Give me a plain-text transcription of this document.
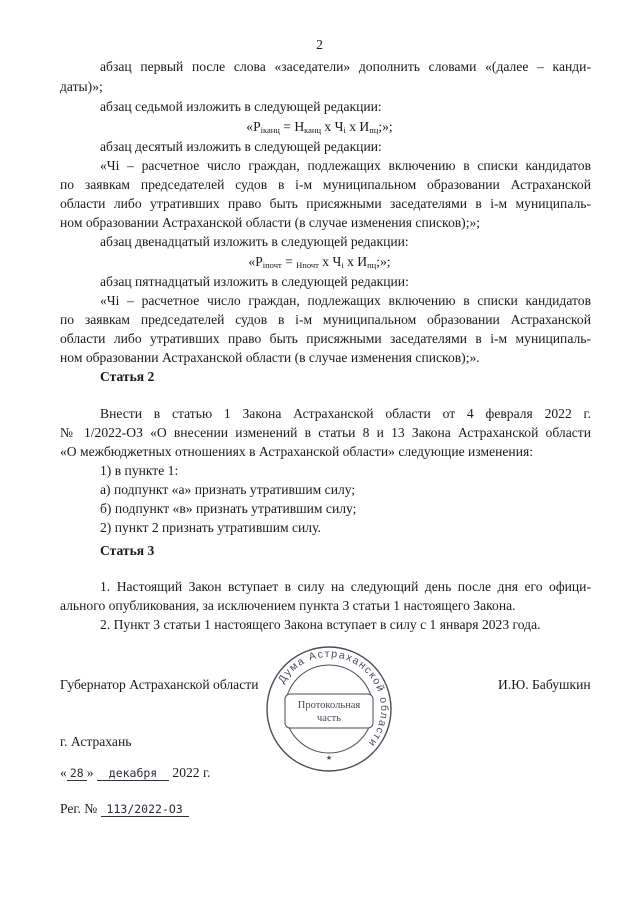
2
абзац первый после слова «заседатели» дополнить словами «(далее – канди-
даты)»;
абзац седьмой изложить в следующей редакции:
«$Р_{iканц} = Н_{канц}$ х $Ч_i$ х $И_{пц}$;»;
абзац десятый изложить в следующей редакции:
«Чi – расчетное число граждан, подлежащих включению в списки кандидатов
по заявкам председателей судов в i-м муниципальном образовании Астраханской
области либо утративших право быть присяжными заседателями в i-м муниципаль-
ном образовании Астраханской области (в случае изменения списков);»;
абзац двенадцатый изложить в следующей редакции:
«$Р_{iпочт} = _{Нпочт}$ х $Ч_i$ х $И_{пц}$;»;
абзац пятнадцатый изложить в следующей редакции:
«Чi – расчетное число граждан, подлежащих включению в списки кандидатов
по заявкам председателей судов в i-м муниципальном образовании Астраханской
области либо утративших право быть присяжными заседателями в i-м муниципаль-
ном образовании Астраханской области (в случае изменения списков);».
Статья 2
Внести в статью 1 Закона Астраханской области от 4 февраля 2022 г.
№ 1/2022-ОЗ «О внесении изменений в статьи 8 и 13 Закона Астраханской области
«О межбюджетных отношениях в Астраханской области» следующие изменения:
1) в пункте 1:
а) подпункт «а» признать утратившим силу;
б) подпункт «в» признать утратившим силу;
2) пункт 2 признать утратившим силу.
Статья 3
1. Настоящий Закон вступает в силу на следующий день после дня его офици-
ального опубликования, за исключением пункта 3 статьи 1 настоящего Закона.
2. Пункт 3 статьи 1 настоящего Закона вступает в силу с 1 января 2023 года.
Губернатор Астраханской области	И.Ю. Бабушкин
Дума Астраханской области
Протокольная
часть
★
г. Астрахань
« 28 » декабря 2022 г.
Рег. № 113/2022-ОЗ
